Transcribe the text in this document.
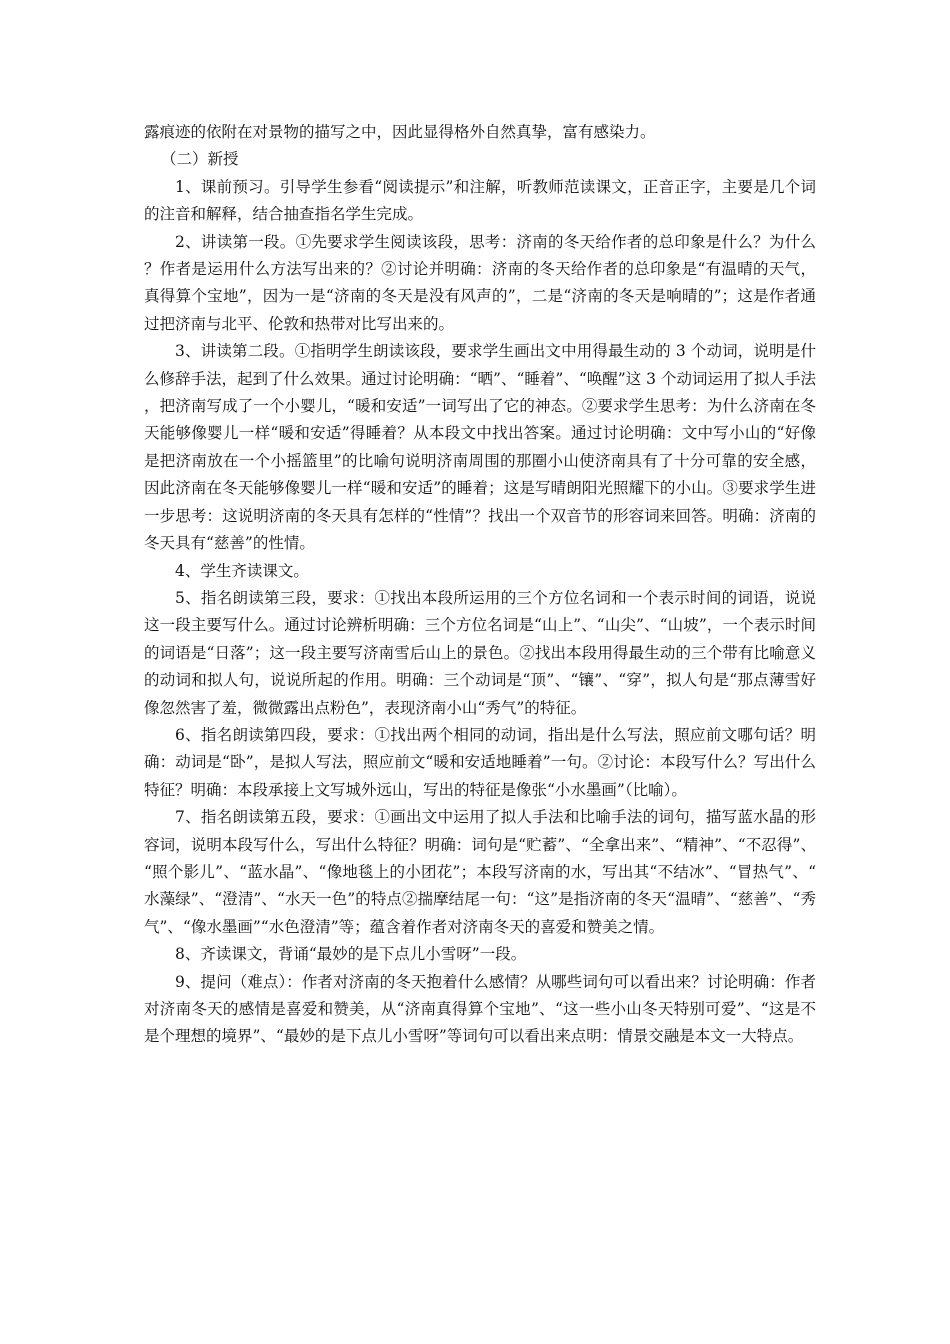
露痕迹的依附在对景物的描写之中，因此显得格外自然真挚，富有感染力。

（二）新授

1、课前预习。引导学生参看“阅读提示”和注解，听教师范读课文，正音正字，主要是几个词的注音和解释，结合抽查指名学生完成。

2、讲读第一段。①先要求学生阅读该段，思考：济南的冬天给作者的总印象是什么？为什么？作者是运用什么方法写出来的？②讨论并明确：济南的冬天给作者的总印象是“有温晴的天气，真得算个宝地”，因为一是“济南的冬天是没有风声的”，二是“济南的冬天是响晴的”；这是作者通过把济南与北平、伦敦和热带对比写出来的。

3、讲读第二段。①指明学生朗读该段，要求学生画出文中用得最生动的 3 个动词，说明是什么修辞手法，起到了什么效果。通过讨论明确：“晒”、“睡着”、“唤醒”这 3 个动词运用了拟人手法，把济南写成了一个小婴儿，“暖和安适”一词写出了它的神态。②要求学生思考：为什么济南在冬天能够像婴儿一样“暖和安适”得睡着？从本段文中找出答案。通过讨论明确：文中写小山的“好像是把济南放在一个小摇篮里”的比喻句说明济南周围的那圈小山使济南具有了十分可靠的安全感，因此济南在冬天能够像婴儿一样“暖和安适”的睡着；这是写晴朗阳光照耀下的小山。③要求学生进一步思考：这说明济南的冬天具有怎样的“性情”？找出一个双音节的形容词来回答。明确：济南的冬天具有“慈善”的性情。

4、学生齐读课文。

5、指名朗读第三段，要求：①找出本段所运用的三个方位名词和一个表示时间的词语，说说这一段主要写什么。通过讨论辨析明确：三个方位名词是“山上”、“山尖”、“山坡”，一个表示时间的词语是“日落”；这一段主要写济南雪后山上的景色。②找出本段用得最生动的三个带有比喻意义的动词和拟人句，说说所起的作用。明确：三个动词是“顶”、“镶”、“穿”，拟人句是“那点薄雪好像忽然害了羞，微微露出点粉色”，表现济南小山“秀气”的特征。

6、指名朗读第四段，要求：①找出两个相同的动词，指出是什么写法，照应前文哪句话？明确：动词是“卧”，是拟人写法，照应前文“暖和安适地睡着”一句。②讨论：本段写什么？写出什么特征？明确：本段承接上文写城外远山，写出的特征是像张“小水墨画”（比喻）。

7、指名朗读第五段，要求：①画出文中运用了拟人手法和比喻手法的词句，描写蓝水晶的形容词，说明本段写什么，写出什么特征？明确：词句是“贮蓄”、“全拿出来”、“精神”、“不忍得”、“照个影儿”、“蓝水晶”、“像地毯上的小团花”；本段写济南的水，写出其“不结冰”、“冒热气”、“水藻绿”、“澄清”、“水天一色”的特点②揣摩结尾一句：“这”是指济南的冬天“温晴”、“慈善”、“秀气”、“像水墨画”“水色澄清”等；蕴含着作者对济南冬天的喜爱和赞美之情。

8、齐读课文，背诵“最妙的是下点儿小雪呀”一段。

9、提问（难点）：作者对济南的冬天抱着什么感情？从哪些词句可以看出来？讨论明确：作者对济南冬天的感情是喜爱和赞美，从“济南真得算个宝地”、“这一些小山冬天特别可爱”、“这是不是个理想的境界”、“最妙的是下点儿小雪呀”等词句可以看出来点明：情景交融是本文一大特点。
